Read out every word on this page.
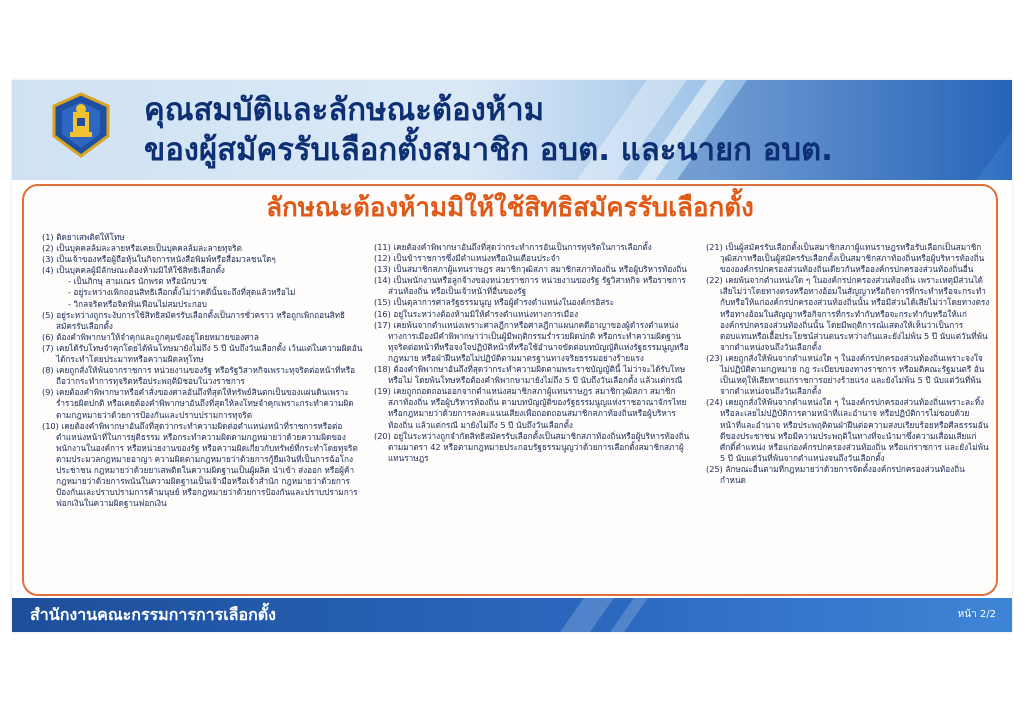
คุณสมบัติและลักษณะต้องห้าม
ของผู้สมัครรับเลือกตั้งสมาชิก อบต. และนายก อบต.
ลักษณะต้องห้ามมิให้ใช้สิทธิสมัครรับเลือกตั้ง

(1) ติดยาเสพติดให้โทษ

(2) เป็นบุคคลล้มละลายหรือเคยเป็นบุคคลล้มละลายทุจริต

(3) เป็นเจ้าของหรือผู้ถือหุ้นในกิจการหนังสือพิมพ์หรือสื่อมวลชนใดๆ

(4) เป็นบุคคลผู้มีลักษณะต้องห้ามมิให้ใช้สิทธิเลือกตั้ง

- เป็นภิกษุ สามเณร นักพรต หรือนักบวช

- อยู่ระหว่างเพิกถอนสิทธิเลือกตั้งไม่ว่าคดีนั้นจะถึงที่สุดแล้วหรือไม่

- วิกลจริตหรือจิตฟั่นเฟือนไม่สมประกอบ

(5) อยู่ระหว่างถูกระงับการใช้สิทธิสมัครรับเลือกตั้งเป็นการชั่วคราว หรือถูกเพิกถอนสิทธิสมัครรับเลือกตั้ง

(6) ต้องคำพิพากษาให้จำคุกและถูกคุมขังอยู่โดยหมายของศาล

(7) เคยได้รับโทษจำคุกโดยได้พ้นโทษมายังไม่ถึง 5 ปี นับถึงวันเลือกตั้ง เว้นแต่ในความผิดอันได้กระทำโดยประมาทหรือความผิดลหุโทษ

(8) เคยถูกสั่งให้พ้นจากราชการ หน่วยงานของรัฐ หรือรัฐวิสาหกิจเพราะทุจริตต่อหน้าที่หรือถือว่ากระทำการทุจริตหรือประพฤติมิชอบในวงราชการ

(9) เคยต้องคำพิพากษาหรือคำสั่งของศาลอันถึงที่สุดให้ทรัพย์สินตกเป็นของแผ่นดินเพราะร่ำรวยผิดปกติ หรือเคยต้องคำพิพากษาอันถึงที่สุดให้ลงโทษจำคุกเพราะกระทำความผิดตามกฎหมายว่าด้วยการป้องกันและปราบปรามการทุจริต

(10) เคยต้องคำพิพากษาอันถึงที่สุดว่ากระทำความผิดต่อตำแหน่งหน้าที่ราชการหรือต่อตำแหน่งหน้าที่ในการยุติธรรม หรือกระทำความผิดตามกฎหมายว่าด้วยความผิดของพนักงานในองค์การ หรือหน่วยงานของรัฐ หรือความผิดเกี่ยวกับทรัพย์ที่กระทำโดยทุจริตตามประมวลกฎหมายอาญา ความผิดตามกฎหมายว่าด้วยการกู้ยืมเงินที่เป็นการฉ้อโกงประชาชน กฎหมายว่าด้วยยาเสพติดในความผิดฐานเป็นผู้ผลิต นำเข้า ส่งออก หรือผู้ค้า กฎหมายว่าด้วยการพนันในความผิดฐานเป็นเจ้ามือหรือเจ้าสำนัก กฎหมายว่าด้วยการป้องกันและปราบปรามการค้ามนุษย์ หรือกฎหมายว่าด้วยการป้องกันและปราบปรามการฟอกเงินในความผิดฐานฟอกเงิน

(11) เคยต้องคำพิพากษาอันถึงที่สุดว่ากระทำการอันเป็นการทุจริตในการเลือกตั้ง

(12) เป็นข้าราชการซึ่งมีตำแหน่งหรือเงินเดือนประจำ

(13) เป็นสมาชิกสภาผู้แทนราษฎร สมาชิกวุฒิสภา สมาชิกสภาท้องถิ่น หรือผู้บริหารท้องถิ่น

(14) เป็นพนักงานหรือลูกจ้างของหน่วยราชการ หน่วยงานของรัฐ รัฐวิสาหกิจ หรือราชการส่วนท้องถิ่น หรือเป็นเจ้าหน้าที่อื่นของรัฐ

(15) เป็นตุลาการศาลรัฐธรรมนูญ หรือผู้ดำรงตำแหน่งในองค์กรอิสระ

(16) อยู่ในระหว่างต้องห้ามมิให้ดำรงตำแหน่งทางการเมือง

(17) เคยพ้นจากตำแหน่งเพราะศาลฎีกาหรือศาลฎีกาแผนกคดีอาญาของผู้ดำรงตำแหน่งทางการเมืองมีคำพิพากษาว่าเป็นผู้มีพฤติกรรมร่ำรวยผิดปกติ หรือกระทำความผิดฐานทุจริตต่อหน้าที่หรือจงใจปฏิบัติหน้าที่หรือใช้อำนาจขัดต่อบทบัญญัติแห่งรัฐธรรมนูญหรือกฎหมาย หรือฝ่าฝืนหรือไม่ปฏิบัติตามมาตรฐานทางจริยธรรมอย่างร้ายแรง

(18) ต้องคำพิพากษาอันถึงที่สุดว่ากระทำความผิดตามพระราชบัญญัตินี้ ไม่ว่าจะได้รับโทษหรือไม่ โดยพ้นโทษหรือต้องคำพิพากษามายังไม่ถึง 5 ปี นับถึงวันเลือกตั้ง แล้วแต่กรณี

(19) เคยถูกถอดถอนออกจากตำแหน่งสมาชิกสภาผู้แทนราษฎร สมาชิกวุฒิสภา สมาชิกสภาท้องถิ่น หรือผู้บริหารท้องถิ่น ตามบทบัญญัติของรัฐธรรมนูญแห่งราชอาณาจักรไทย หรือกฎหมายว่าด้วยการลงคะแนนเสียงเพื่อถอดถอนสมาชิกสภาท้องถิ่นหรือผู้บริหารท้องถิ่น แล้วแต่กรณี มายังไม่ถึง 5 ปี นับถึงวันเลือกตั้ง

(20) อยู่ในระหว่างถูกจำกัดสิทธิสมัครรับเลือกตั้งเป็นสมาชิกสภาท้องถิ่นหรือผู้บริหารท้องถิ่น ตามมาตรา 42 หรือตามกฎหมายประกอบรัฐธรรมนูญว่าด้วยการเลือกตั้งสมาชิกสภาผู้แทนราษฎร

(21) เป็นผู้สมัครรับเลือกตั้งเป็นสมาชิกสภาผู้แทนราษฎรหรือรับเลือกเป็นสมาชิกวุฒิสภาหรือเป็นผู้สมัครรับเลือกตั้งเป็นสมาชิกสภาท้องถิ่นหรือผู้บริหารท้องถิ่นขององค์กรปกครองส่วนท้องถิ่นเดียวกันหรือองค์กรปกครองส่วนท้องถิ่นอื่น

(22) เคยพ้นจากตำแหน่งใด ๆ ในองค์กรปกครองส่วนท้องถิ่น เพราะเหตุมีส่วนได้เสียไม่ว่าโดยทางตรงหรือทางอ้อมในสัญญาหรือกิจการที่กระทำหรือจะกระทำกับหรือให้แก่องค์กรปกครองส่วนท้องถิ่นนั้น หรือมีส่วนได้เสียไม่ว่าโดยทางตรงหรือทางอ้อมในสัญญาหรือกิจการที่กระทำกับหรือจะกระทำกับหรือให้แก่องค์กรปกครองส่วนท้องถิ่นนั้น โดยมีพฤติการณ์แสดงให้เห็นว่าเป็นการตอบแทนหรือเอื้อประโยชน์ส่วนตนระหว่างกันและยังไม่พ้น 5 ปี นับแต่วันที่พ้นจากตำแหน่งจนถึงวันเลือกตั้ง

(23) เคยถูกสั่งให้พ้นจากตำแหน่งใด ๆ ในองค์กรปกครองส่วนท้องถิ่นเพราะจงใจไม่ปฏิบัติตามกฎหมาย กฎ ระเบียบของทางราชการ หรือมติคณะรัฐมนตรี อันเป็นเหตุให้เสียหายแก่ราชการอย่างร้ายแรง และยังไม่พ้น 5 ปี นับแต่วันที่พ้นจากตำแหน่งจนถึงวันเลือกตั้ง

(24) เคยถูกสั่งให้พ้นจากตำแหน่งใด ๆ ในองค์กรปกครองส่วนท้องถิ่นเพราะละทิ้งหรือละเลยไม่ปฏิบัติการตามหน้าที่และอำนาจ หรือปฏิบัติการไม่ชอบด้วยหน้าที่และอำนาจ หรือประพฤติตนฝ่าฝืนต่อความสงบเรียบร้อยหรือศีลธรรมอันดีของประชาชน หรือมีความประพฤติในทางที่จะนำมาซึ่งความเสื่อมเสียแก่ศักดิ์ตำแหน่ง หรือแก่องค์กรปกครองส่วนท้องถิ่น หรือแก่ราชการ และยังไม่พ้น 5 ปี นับแต่วันที่พ้นจากตำแหน่งจนถึงวันเลือกตั้ง

(25) ลักษณะอื่นตามที่กฎหมายว่าด้วยการจัดตั้งองค์กรปกครองส่วนท้องถิ่นกำหนด

สำนักงานคณะกรรมการการเลือกตั้ง	หน้า 2/2
